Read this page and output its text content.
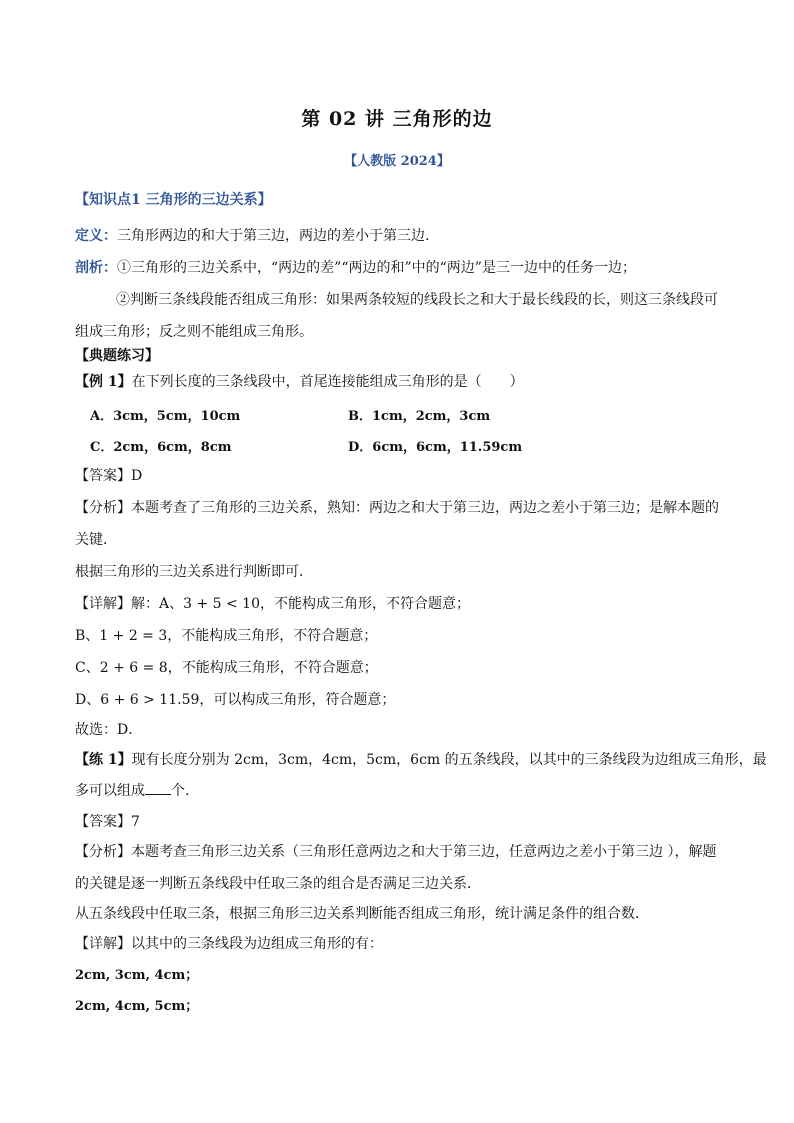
第 02 讲 三角形的边
【人教版 2024】
【知识点1 三角形的三边关系】
定义：三角形两边的和大于第三边，两边的差小于第三边.
剖析：①三角形的三边关系中，“两边的差”“两边的和”中的“两边”是三一边中的任务一边；
②判断三条线段能否组成三角形：如果两条较短的线段长之和大于最长线段的长，则这三条线段可
组成三角形；反之则不能组成三角形。
【典题练习】
【例 1】在下列长度的三条线段中，首尾连接能组成三角形的是（ ）
A．3cm，5cm，10cm	B．1cm，2cm，3cm
C．2cm，6cm，8cm	D．6cm，6cm，11.59cm
【答案】D
【分析】本题考查了三角形的三边关系，熟知：两边之和大于第三边，两边之差小于第三边；是解本题的
关键．
根据三角形的三边关系进行判断即可．
【详解】解：A、3 + 5 < 10，不能构成三角形，不符合题意；
B、1 + 2 = 3，不能构成三角形，不符合题意；
C、2 + 6 = 8，不能构成三角形，不符合题意；
D、6 + 6 > 11.59，可以构成三角形，符合题意；
故选：D．
【练 1】现有长度分别为 2cm，3cm，4cm，5cm，6cm 的五条线段，以其中的三条线段为边组成三角形，最
多可以组成 个．
【答案】7
【分析】本题考查三角形三边关系（三角形任意两边之和大于第三边，任意两边之差小于第三边 ），解题
的关键是逐一判断五条线段中任取三条的组合是否满足三边关系．
从五条线段中任取三条，根据三角形三边关系判断能否组成三角形，统计满足条件的组合数．
【详解】以其中的三条线段为边组成三角形的有：
2cm, 3cm, 4cm；
2cm, 4cm, 5cm；
